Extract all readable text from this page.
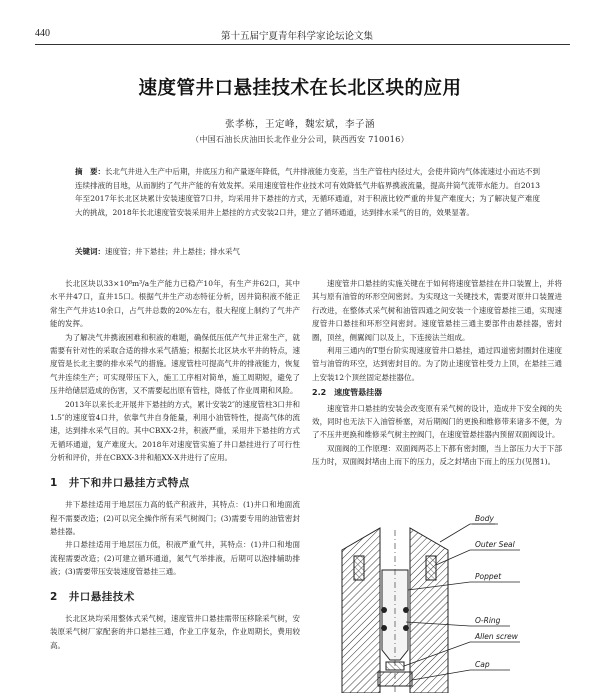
440	第十五届宁夏青年科学家论坛论文集
速度管井口悬挂技术在长北区块的应用
张孝栋，王定峰，魏宏斌，李子涵
（中国石油长庆油田长北作业分公司，陕西西安 710016）
摘　要：长北气井进入生产中后期，井底压力和产量逐年降低，气井排液能力变差，当生产管柱内径过大，会使井筒内气体流速过小而达不到连续排液的目地，从而制约了气井产能的有效发挥。采用速度管柱作业技术可有效降低气井临界携液流量，提高井筒气流带水能力。自2013年至2017年长北区块累计安装速度管7口井，均采用井下悬挂的方式，无循环通道，对于积液比较严重的井复产难度大；为了解决复产难度大的挑战，2018年长北速度管安装采用井上悬挂的方式安装2口井，建立了循环通道，达到排水采气的目的，效果显著。
关键词：速度管；井下悬挂；井上悬挂；排水采气

长北区块以33×10⁸m³/a生产能力已稳产10年，有生产井62口，其中水平井47口，直井15口。根据气井生产动态特征分析，因井筒积液不能正常生产气井达10余口，占气井总数的20%左右，很大程度上制约了气井产能的发挥。

为了解决气井携液困难和积液的难题，确保低压低产气井正常生产，就需要有针对性的采取合适的排水采气措施；根据长北区块水平井的特点，速度管是长北主要的排水采气的措施。速度管柱可提高气井的排液能力，恢复气井连续生产；可实现带压下入，施工工序相对简单，施工周期短，避免了压井给储层造成的伤害，又不需要起出原有管柱，降低了作业周期和风险。

2013年以来长北开展井下悬挂的方式，累计安装2″的速度管柱3口井和1.5″的速度管4口井，依靠气井自身能量，利用小油管特性，提高气体的流速，达到排水采气目的。其中CBXX-2井，积液严重，采用井下悬挂的方式无循环通道，复产难度大。2018年对速度管实施了井口悬挂进行了可行性分析和评价，并在CBXX-3井和船XX-X井进行了应用。

1　井下和井口悬挂方式特点

井下悬挂适用于地层压力高的低产积液井，其特点：(1)井口和地面流程不需要改造；(2)可以完全操作所有采气树阀门；(3)需要专用的油管密封悬挂器。

井口悬挂适用于地层压力低，积液严重气井，其特点：(1)井口和地面流程需要改造；(2)可建立循环通道，氮气气举排液，后期可以泡排辅助排液；(3)需要带压安装速度管悬挂三通。

2　井口悬挂技术

长北区块均采用整体式采气树，速度管井口悬挂需带压移除采气树，安装原采气树厂家配套的井口悬挂三通，作业工序复杂，作业周期长，费用较高。

速度管井口悬挂的实施关键在于如何将速度管悬挂在井口装置上，并将其与原有油管的环形空间密封。为实现这一关键技术，需要对原井口装置进行改进，在整体式采气树和油管四通之间安装一个速度管悬挂三通，实现速度管井口悬挂和环形空间密封。速度管悬挂三通主要部件由悬挂器，密封圈，顶丝，侧翼阀门以及上，下连接法兰组成。

利用三通内的T型台阶实现速度管井口悬挂，通过四道密封圈封住速度管与油管的环空，达到密封目的。为了防止速度管柱受力上顶，在悬挂三通上安装12个顶丝固定悬挂器位。

2.2　速度管悬挂器

速度管井口悬挂的安装会改变原有采气树的设计，造成井下安全阀的失效，同时也无法下入油管桥塞，对后期阀门的更换和维修带来诸多不便，为了不压井更换和维修采气树主控阀门，在速度管悬挂器内预留双面阀设计。

双面阀的工作原理：双面阀两芯上下都有密封圈，当上部压力大于下部压力时，双面阀封堵由上而下的压力，反之封堵由下而上的压力(见图1)。

Body
Outer Seal
Poppet
O-Ring
Allen screw
Cap
